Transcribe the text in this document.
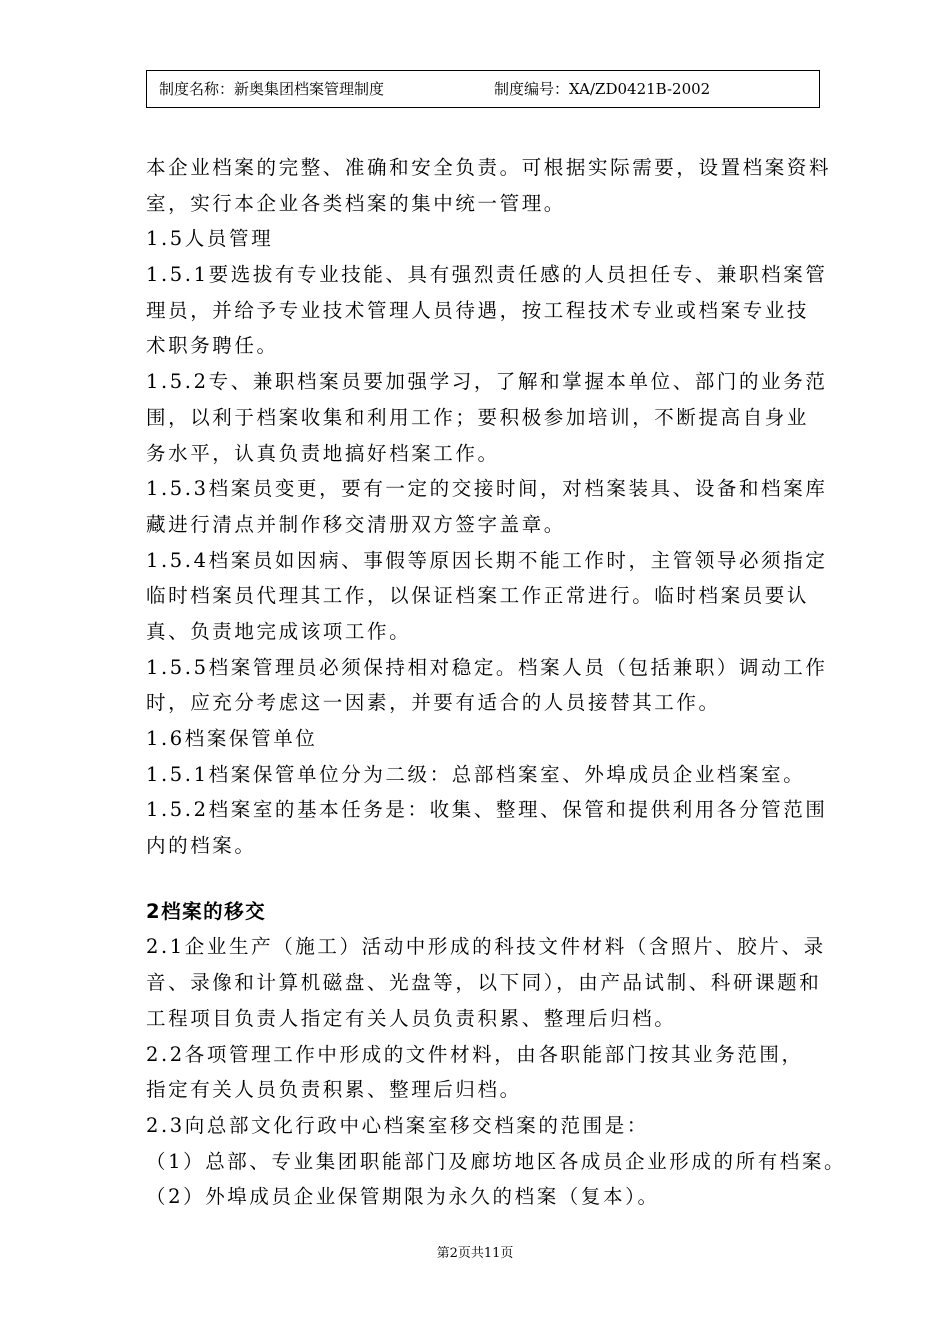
制度名称：新奥集团档案管理制度	制度编号：XA/ZD0421B-2002
本企业档案的完整、准确和安全负责。可根据实际需要，设置档案资料
室，实行本企业各类档案的集中统一管理。
1.5人员管理
1.5.1要选拔有专业技能、具有强烈责任感的人员担任专、兼职档案管
理员，并给予专业技术管理人员待遇，按工程技术专业或档案专业技
术职务聘任。
1.5.2专、兼职档案员要加强学习，了解和掌握本单位、部门的业务范
围，以利于档案收集和利用工作；要积极参加培训，不断提高自身业
务水平，认真负责地搞好档案工作。
1.5.3档案员变更，要有一定的交接时间，对档案装具、设备和档案库
藏进行清点并制作移交清册双方签字盖章。
1.5.4档案员如因病、事假等原因长期不能工作时，主管领导必须指定
临时档案员代理其工作，以保证档案工作正常进行。临时档案员要认
真、负责地完成该项工作。
1.5.5档案管理员必须保持相对稳定。档案人员（包括兼职）调动工作
时，应充分考虑这一因素，并要有适合的人员接替其工作。
1.6档案保管单位
1.5.1档案保管单位分为二级：总部档案室、外埠成员企业档案室。
1.5.2档案室的基本任务是：收集、整理、保管和提供利用各分管范围
内的档案。
2档案的移交
2.1企业生产（施工）活动中形成的科技文件材料（含照片、胶片、录
音、录像和计算机磁盘、光盘等，以下同），由产品试制、科研课题和
工程项目负责人指定有关人员负责积累、整理后归档。
2.2各项管理工作中形成的文件材料，由各职能部门按其业务范围，
指定有关人员负责积累、整理后归档。
2.3向总部文化行政中心档案室移交档案的范围是：
（1）总部、专业集团职能部门及廊坊地区各成员企业形成的所有档案。
（2）外埠成员企业保管期限为永久的档案（复本）。
第2页共11页
